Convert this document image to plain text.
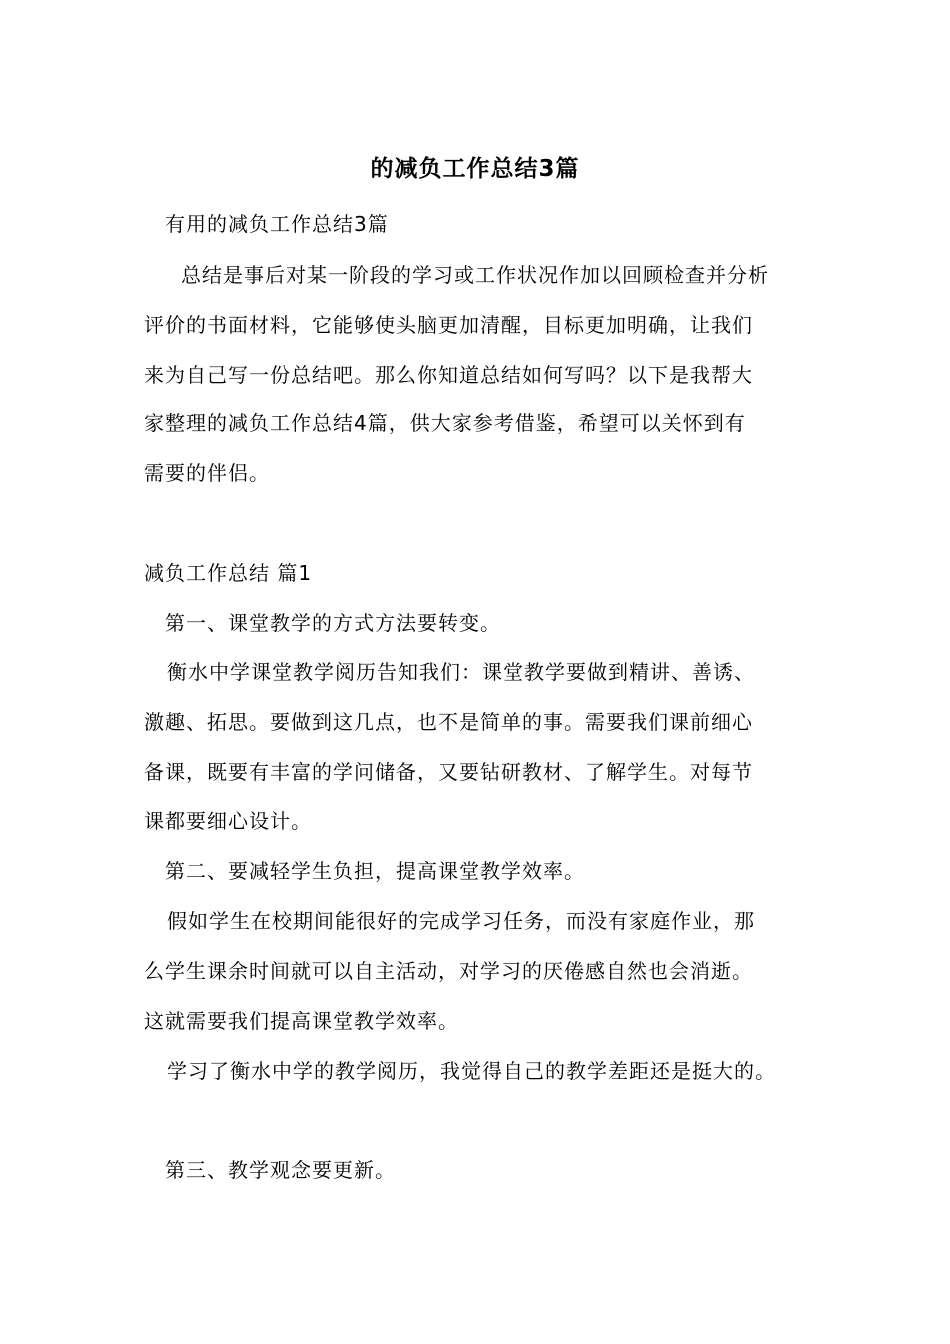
的减负工作总结3篇
有用的减负工作总结3篇
总结是事后对某一阶段的学习或工作状况作加以回顾检查并分析
评价的书面材料，它能够使头脑更加清醒，目标更加明确，让我们
来为自己写一份总结吧。那么你知道总结如何写吗？以下是我帮大
家整理的减负工作总结4篇，供大家参考借鉴，希望可以关怀到有
需要的伴侣。
减负工作总结 篇1
第一、课堂教学的方式方法要转变。
衡水中学课堂教学阅历告知我们：课堂教学要做到精讲、善诱、
激趣、拓思。要做到这几点，也不是简单的事。需要我们课前细心
备课，既要有丰富的学问储备，又要钻研教材、了解学生。对每节
课都要细心设计。
第二、要减轻学生负担，提高课堂教学效率。
假如学生在校期间能很好的完成学习任务，而没有家庭作业，那
么学生课余时间就可以自主活动，对学习的厌倦感自然也会消逝。
这就需要我们提高课堂教学效率。
学习了衡水中学的教学阅历，我觉得自己的教学差距还是挺大的。
第三、教学观念要更新。
